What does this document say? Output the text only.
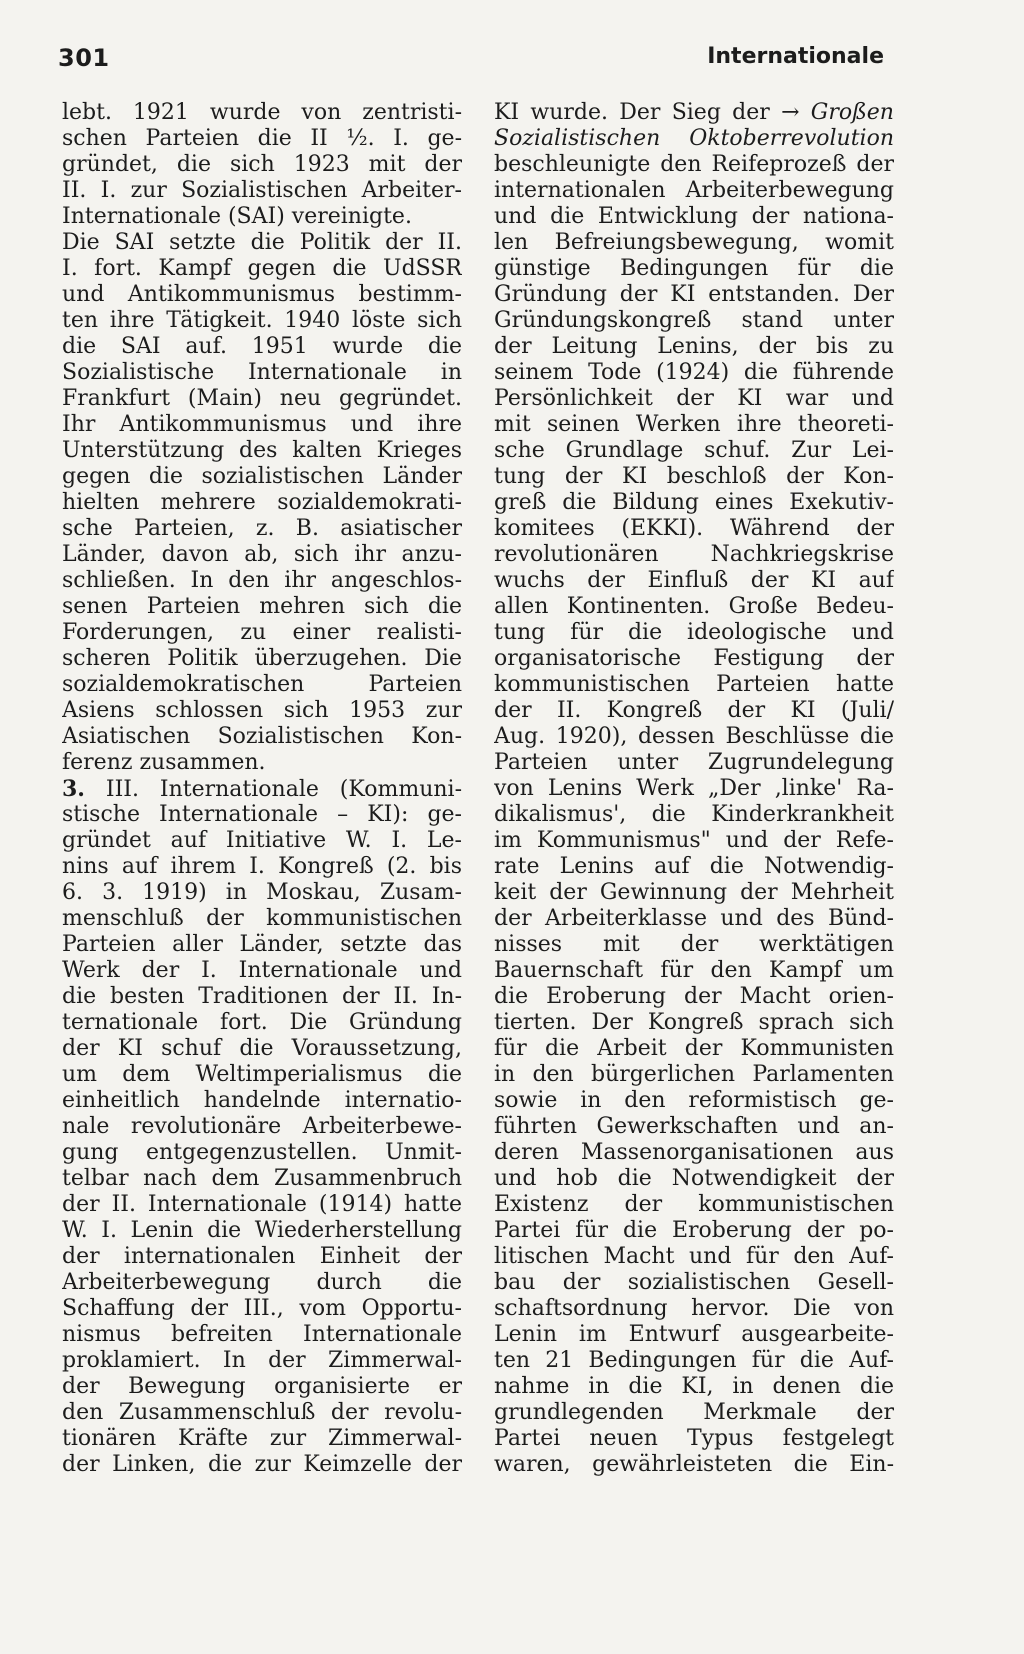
301	Internationale
lebt. 1921 wurde von zentristi-
schen Parteien die II ½. I. ge-
gründet, die sich 1923 mit der
II. I. zur Sozialistischen Arbeiter-
Internationale (SAI) vereinigte.
Die SAI setzte die Politik der II.
I. fort. Kampf gegen die UdSSR
und Antikommunismus bestimm-
ten ihre Tätigkeit. 1940 löste sich
die SAI auf. 1951 wurde die
Sozialistische Internationale in
Frankfurt (Main) neu gegründet.
Ihr Antikommunismus und ihre
Unterstützung des kalten Krieges
gegen die sozialistischen Länder
hielten mehrere sozialdemokrati-
sche Parteien, z. B. asiatischer
Länder, davon ab, sich ihr anzu-
schließen. In den ihr angeschlos-
senen Parteien mehren sich die
Forderungen, zu einer realisti-
scheren Politik überzugehen. Die
sozialdemokratischen Parteien
Asiens schlossen sich 1953 zur
Asiatischen Sozialistischen Kon-
ferenz zusammen.
3. III. Internationale (Kommuni-
stische Internationale – KI): ge-
gründet auf Initiative W. I. Le-
nins auf ihrem I. Kongreß (2. bis
6. 3. 1919) in Moskau, Zusam-
menschluß der kommunistischen
Parteien aller Länder, setzte das
Werk der I. Internationale und
die besten Traditionen der II. In-
ternationale fort. Die Gründung
der KI schuf die Voraussetzung,
um dem Weltimperialismus die
einheitlich handelnde internatio-
nale revolutionäre Arbeiterbewe-
gung entgegenzustellen. Unmit-
telbar nach dem Zusammenbruch
der II. Internationale (1914) hatte
W. I. Lenin die Wiederherstellung
der internationalen Einheit der
Arbeiterbewegung durch die
Schaffung der III., vom Opportu-
nismus befreiten Internationale
proklamiert. In der Zimmerwal-
der Bewegung organisierte er
den Zusammenschluß der revolu-
tionären Kräfte zur Zimmerwal-
der Linken, die zur Keimzelle der
KI wurde. Der Sieg der → Großen
Sozialistischen Oktoberrevolution
beschleunigte den Reifeprozeß der
internationalen Arbeiterbewegung
und die Entwicklung der nationa-
len Befreiungsbewegung, womit
günstige Bedingungen für die
Gründung der KI entstanden. Der
Gründungskongreß stand unter
der Leitung Lenins, der bis zu
seinem Tode (1924) die führende
Persönlichkeit der KI war und
mit seinen Werken ihre theoreti-
sche Grundlage schuf. Zur Lei-
tung der KI beschloß der Kon-
greß die Bildung eines Exekutiv-
komitees (EKKI). Während der
revolutionären Nachkriegskrise
wuchs der Einfluß der KI auf
allen Kontinenten. Große Bedeu-
tung für die ideologische und
organisatorische Festigung der
kommunistischen Parteien hatte
der II. Kongreß der KI (Juli/
Aug. 1920), dessen Beschlüsse die
Parteien unter Zugrundelegung
von Lenins Werk „Der ‚linke' Ra-
dikalismus', die Kinderkrankheit
im Kommunismus" und der Refe-
rate Lenins auf die Notwendig-
keit der Gewinnung der Mehrheit
der Arbeiterklasse und des Bünd-
nisses mit der werktätigen
Bauernschaft für den Kampf um
die Eroberung der Macht orien-
tierten. Der Kongreß sprach sich
für die Arbeit der Kommunisten
in den bürgerlichen Parlamenten
sowie in den reformistisch ge-
führten Gewerkschaften und an-
deren Massenorganisationen aus
und hob die Notwendigkeit der
Existenz der kommunistischen
Partei für die Eroberung der po-
litischen Macht und für den Auf-
bau der sozialistischen Gesell-
schaftsordnung hervor. Die von
Lenin im Entwurf ausgearbeite-
ten 21 Bedingungen für die Auf-
nahme in die KI, in denen die
grundlegenden Merkmale der
Partei neuen Typus festgelegt
waren, gewährleisteten die Ein-
